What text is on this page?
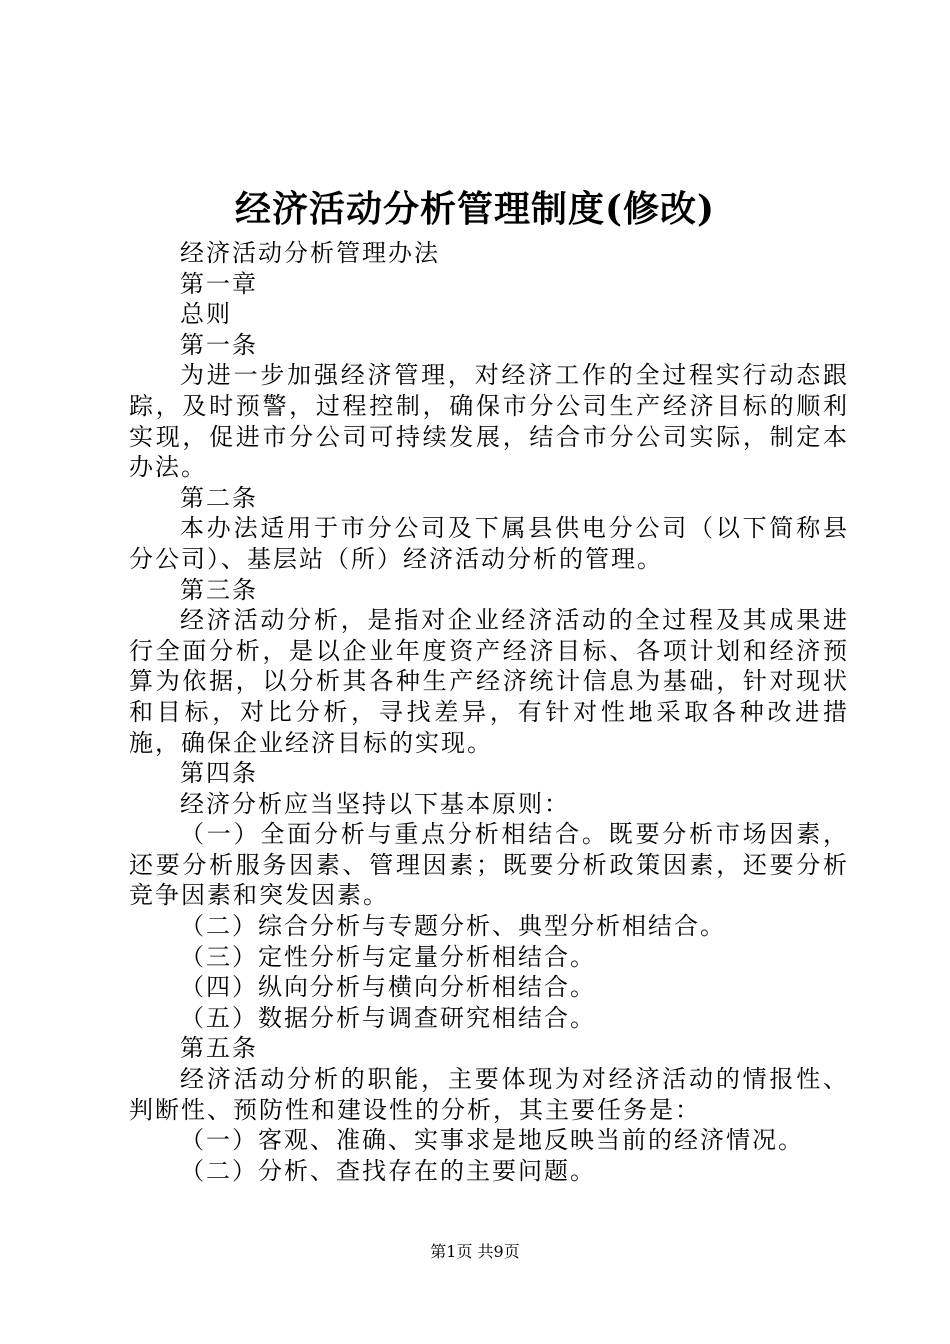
经济活动分析管理制度(修改)

经济活动分析管理办法

第一章

总则

第一条

为进一步加强经济管理，对经济工作的全过程实行动态跟踪，及时预警，过程控制，确保市分公司生产经济目标的顺利实现，促进市分公司可持续发展，结合市分公司实际，制定本办法。

第二条

本办法适用于市分公司及下属县供电分公司（以下简称县分公司）、基层站（所）经济活动分析的管理。

第三条

经济活动分析，是指对企业经济活动的全过程及其成果进行全面分析，是以企业年度资产经济目标、各项计划和经济预算为依据，以分析其各种生产经济统计信息为基础，针对现状和目标，对比分析，寻找差异，有针对性地采取各种改进措施，确保企业经济目标的实现。

第四条

经济分析应当坚持以下基本原则：

（一）全面分析与重点分析相结合。既要分析市场因素，还要分析服务因素、管理因素；既要分析政策因素，还要分析竞争因素和突发因素。

（二）综合分析与专题分析、典型分析相结合。

（三）定性分析与定量分析相结合。

（四）纵向分析与横向分析相结合。

（五）数据分析与调查研究相结合。

第五条

经济活动分析的职能，主要体现为对经济活动的情报性、判断性、预防性和建设性的分析，其主要任务是：

（一）客观、准确、实事求是地反映当前的经济情况。

（二）分析、查找存在的主要问题。

第1页 共9页
